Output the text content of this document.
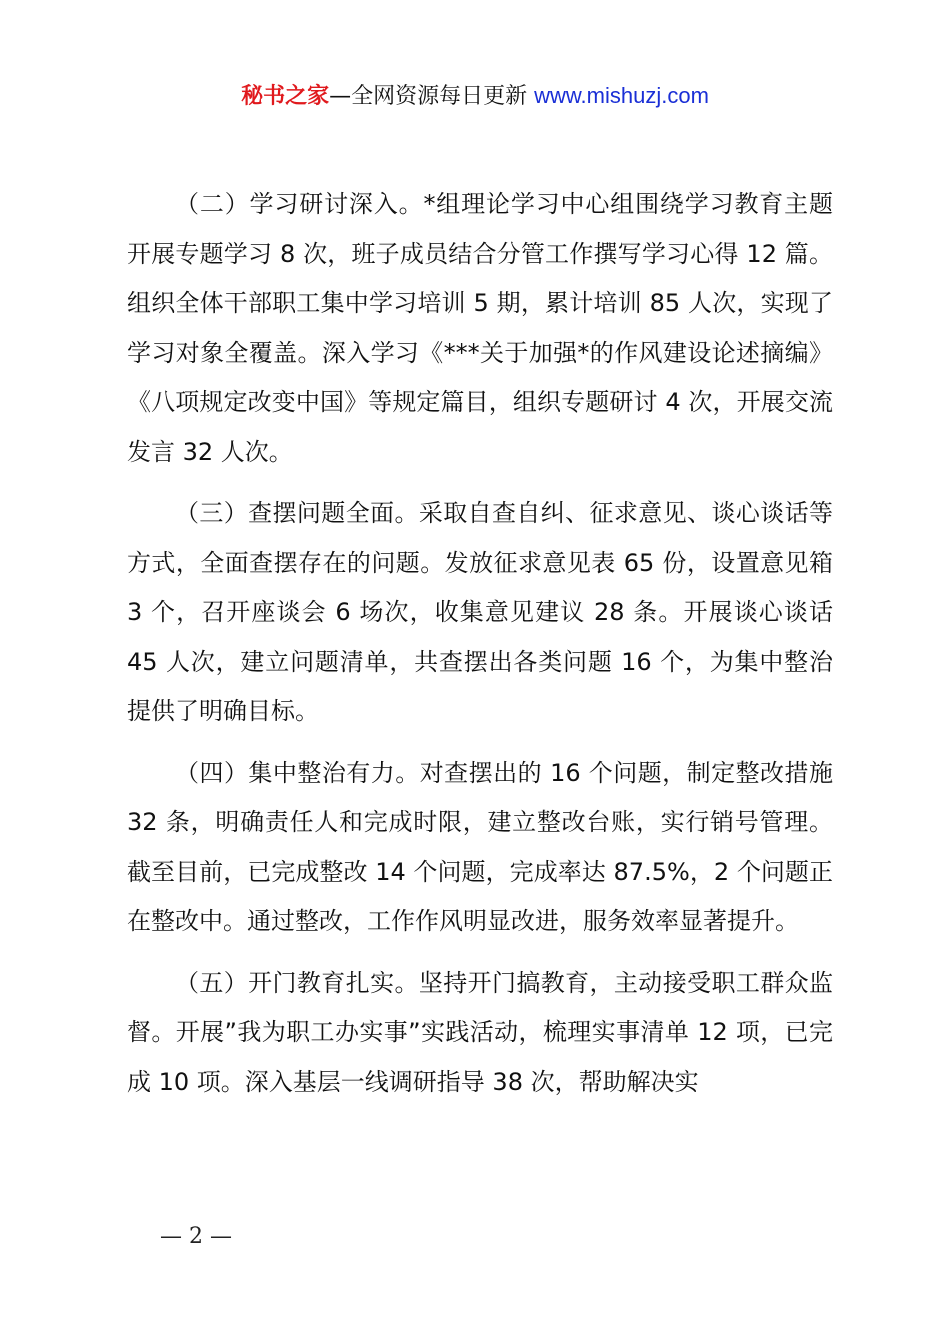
秘书之家—全网资源每日更新 www.mishuzj.com

（二）学习研讨深入。*组理论学习中心组围绕学习教育主题开展专题学习 8 次，班子成员结合分管工作撰写学习心得 12 篇。组织全体干部职工集中学习培训 5 期，累计培训 85 人次，实现了学习对象全覆盖。深入学习《***关于加强*的作风建设论述摘编》《八项规定改变中国》等规定篇目，组织专题研讨 4 次，开展交流发言 32 人次。

（三）查摆问题全面。采取自查自纠、征求意见、谈心谈话等方式，全面查摆存在的问题。发放征求意见表 65 份，设置意见箱 3 个，召开座谈会 6 场次，收集意见建议 28 条。开展谈心谈话 45 人次，建立问题清单，共查摆出各类问题 16 个，为集中整治提供了明确目标。

（四）集中整治有力。对查摆出的 16 个问题，制定整改措施 32 条，明确责任人和完成时限，建立整改台账，实行销号管理。截至目前，已完成整改 14 个问题，完成率达 87.5%，2 个问题正在整改中。通过整改，工作作风明显改进，服务效率显著提升。

（五）开门教育扎实。坚持开门搞教育，主动接受职工群众监督。开展”我为职工办实事”实践活动，梳理实事清单 12 项，已完成 10 项。深入基层一线调研指导 38 次，帮助解决实

— 2 —
